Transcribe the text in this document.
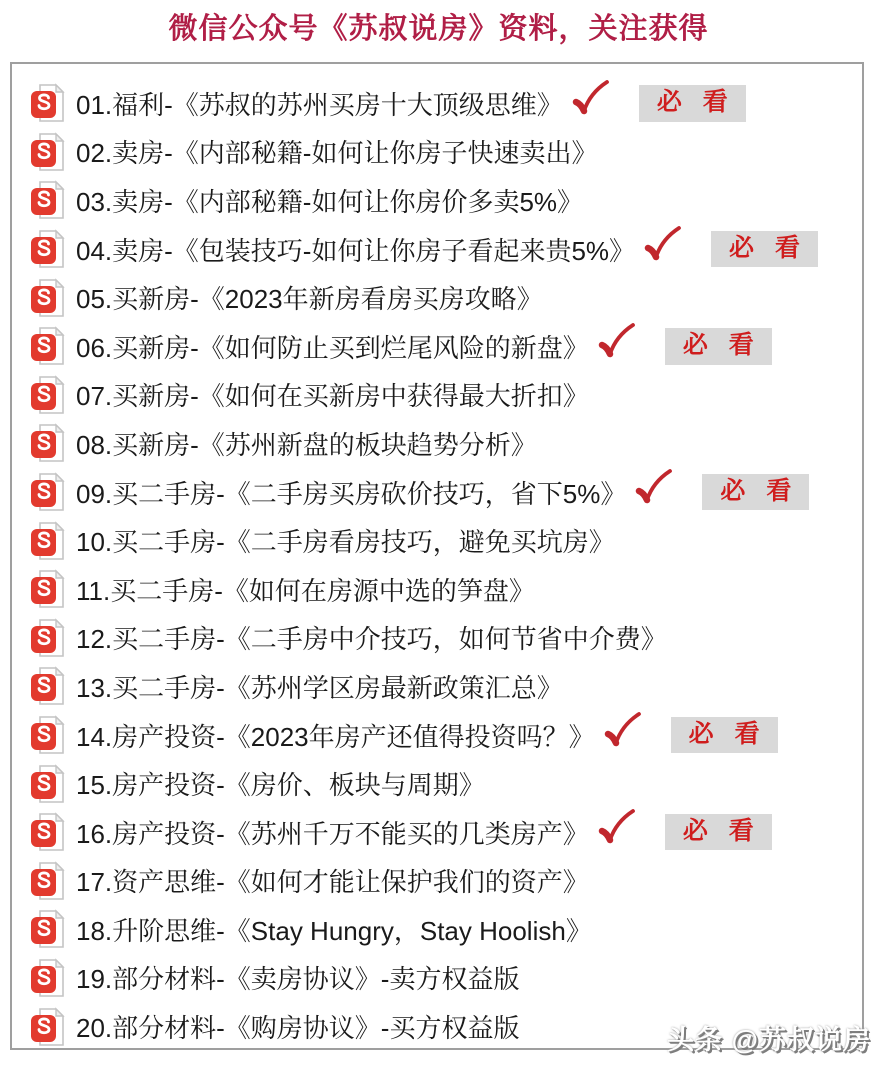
微信公众号《苏叔说房》资料，关注获得
01.福利-《苏叔的苏州买房十大顶级思维》	必 看
02.卖房-《内部秘籍-如何让你房子快速卖出》
03.卖房-《内部秘籍-如何让你房价多卖5%》
04.卖房-《包装技巧-如何让你房子看起来贵5%》	必 看
05.买新房-《2023年新房看房买房攻略》
06.买新房-《如何防止买到烂尾风险的新盘》	必 看
07.买新房-《如何在买新房中获得最大折扣》
08.买新房-《苏州新盘的板块趋势分析》
09.买二手房-《二手房买房砍价技巧，省下5%》	必 看
10.买二手房-《二手房看房技巧，避免买坑房》
11.买二手房-《如何在房源中选的笋盘》
12.买二手房-《二手房中介技巧，如何节省中介费》
13.买二手房-《苏州学区房最新政策汇总》
14.房产投资-《2023年房产还值得投资吗？》	必 看
15.房产投资-《房价、板块与周期》
16.房产投资-《苏州千万不能买的几类房产》	必 看
17.资产思维-《如何才能让保护我们的资产》
18.升阶思维-《Stay Hungry，Stay Hoolish》
19.部分材料-《卖房协议》-卖方权益版
20.部分材料-《购房协议》-买方权益版	头条 @苏叔说房
